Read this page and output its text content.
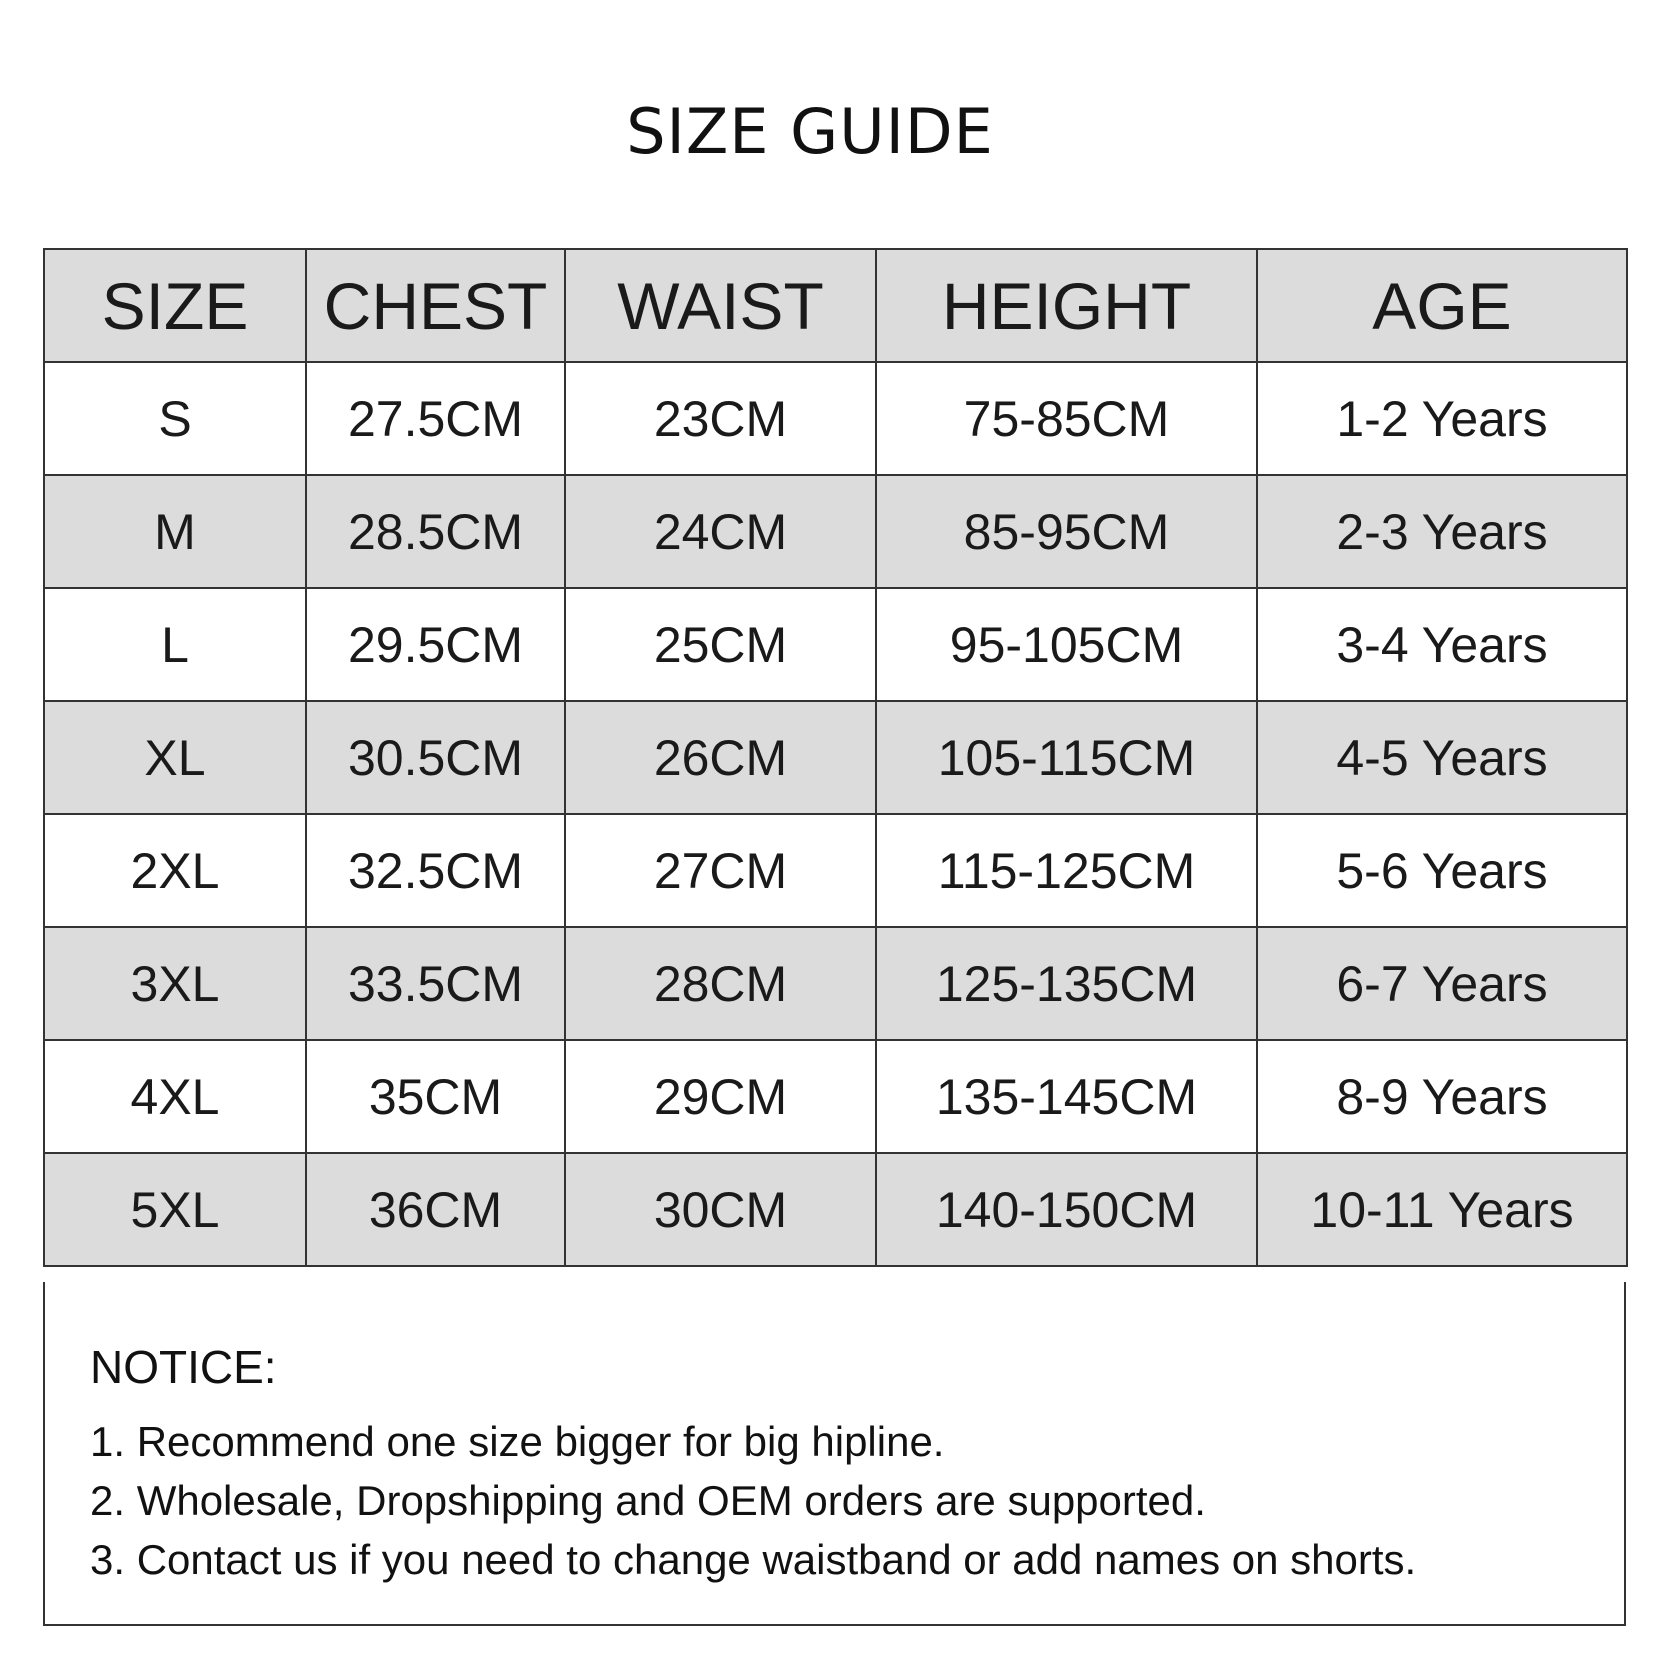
SIZE GUIDE
SIZE	CHEST	WAIST	HEIGHT	AGE
S	27.5CM	23CM	75-85CM	1-2 Years
M	28.5CM	24CM	85-95CM	2-3 Years
L	29.5CM	25CM	95-105CM	3-4 Years
XL	30.5CM	26CM	105-115CM	4-5 Years
2XL	32.5CM	27CM	115-125CM	5-6 Years
3XL	33.5CM	28CM	125-135CM	6-7 Years
4XL	35CM	29CM	135-145CM	8-9 Years
5XL	36CM	30CM	140-150CM	10-11 Years
NOTICE:
1. Recommend one size bigger for big hipline.
2. Wholesale, Dropshipping and OEM orders are supported.
3. Contact us if you need to change waistband or add names on shorts.
